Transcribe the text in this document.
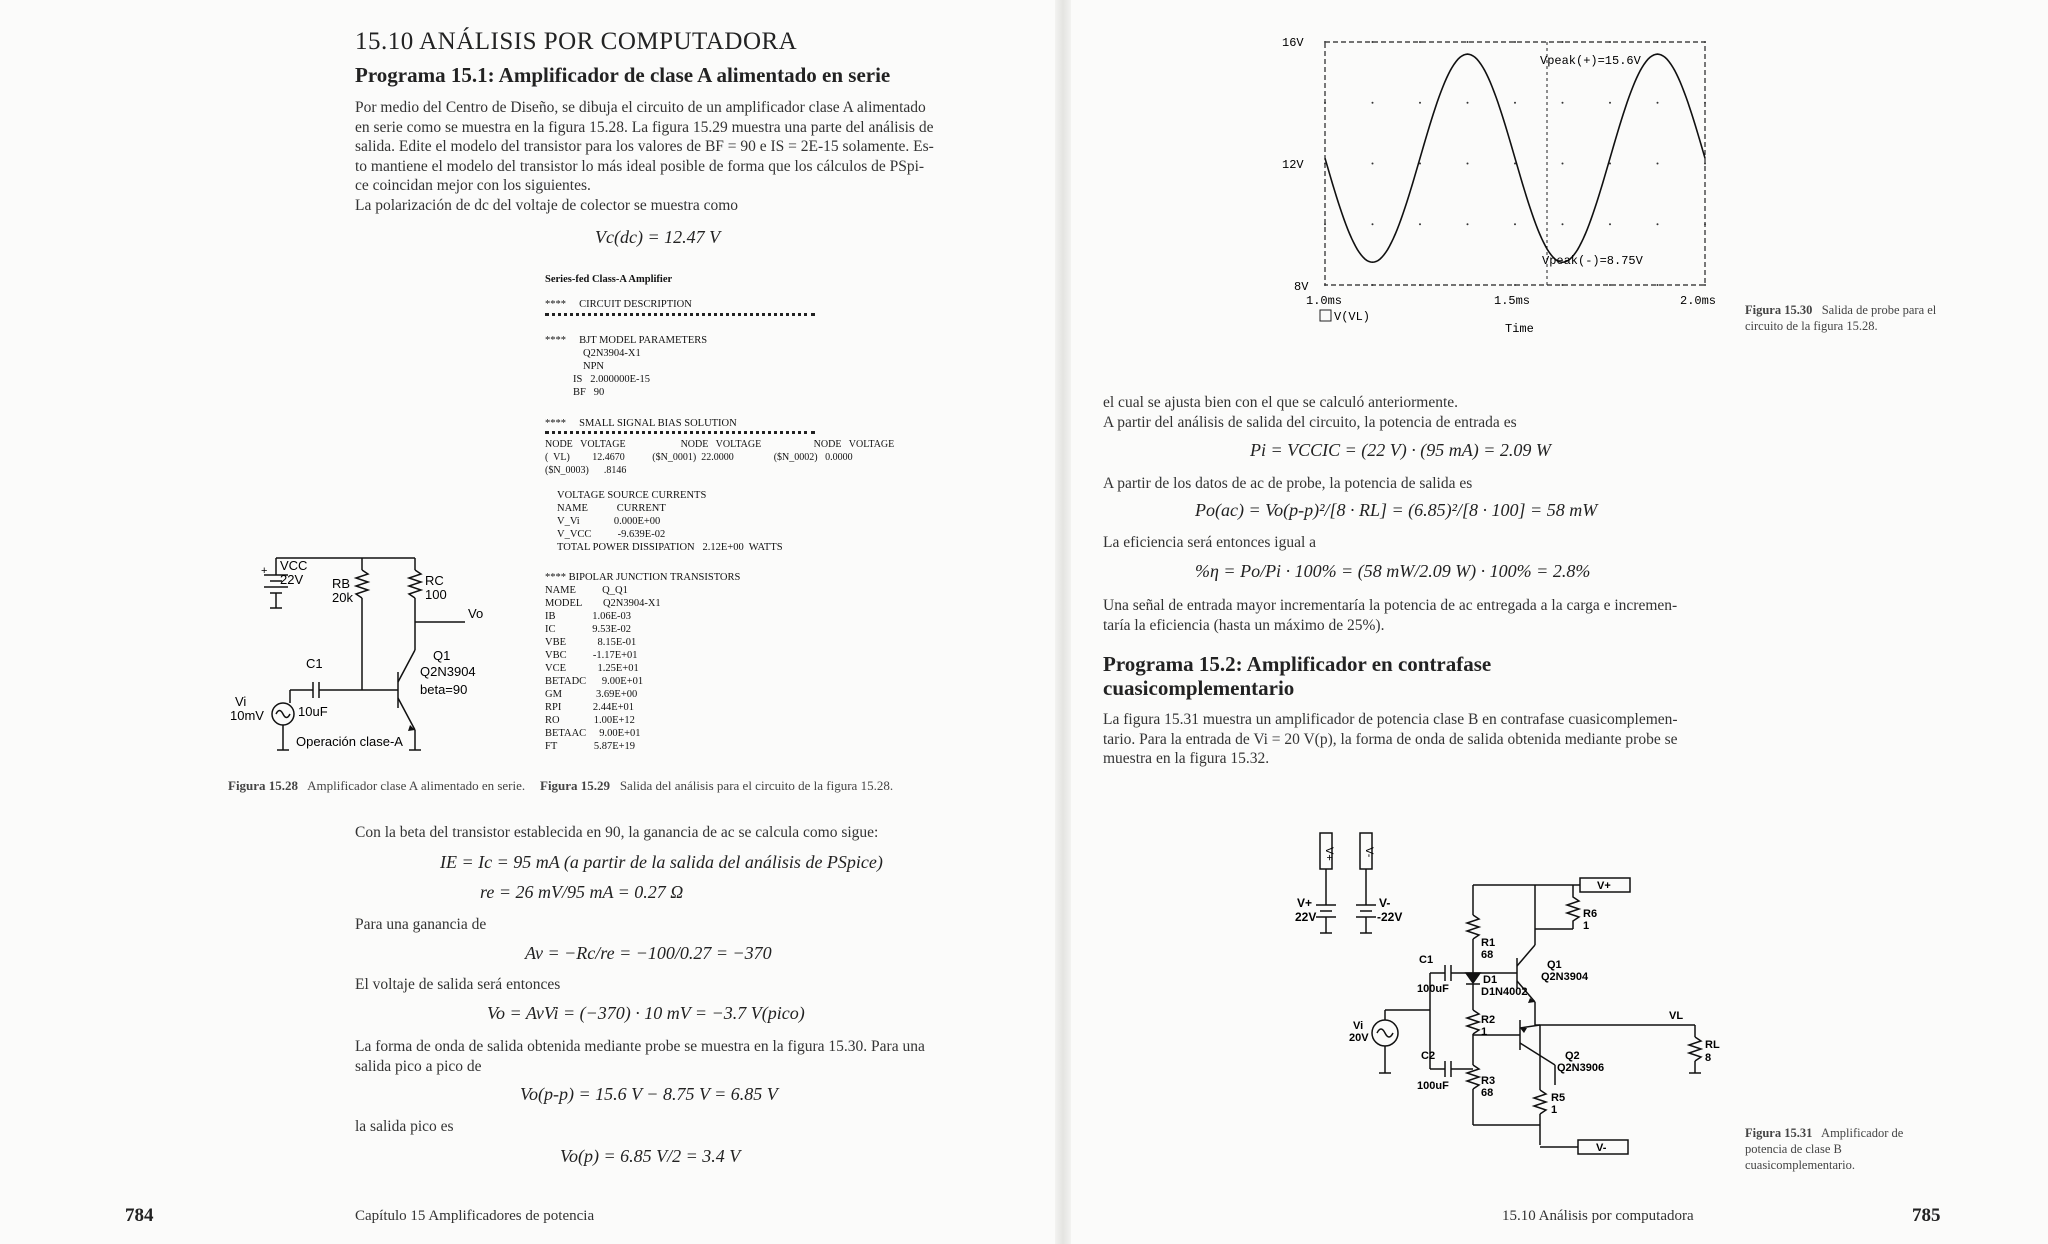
15.10 ANÁLISIS POR COMPUTADORA
Programa 15.1: Amplificador de clase A alimentado en serie
Por medio del Centro de Diseño, se dibuja el circuito de un amplificador clase A alimentado
en serie como se muestra en la figura 15.28. La figura 15.29 muestra una parte del análisis de
salida. Edite el modelo del transistor para los valores de BF = 90 e IS = 2E-15 solamente. Es-
to mantiene el modelo del transistor lo más ideal posible de forma que los cálculos de PSpi-
ce coincidan mejor con los siguientes.
La polarización de dc del voltaje de colector se muestra como
Vc(dc) = 12.47 V
Series-fed Class-A Amplifier
****     CIRCUIT DESCRIPTION
****     BJT MODEL PARAMETERS
Q2N3904-X1
NPN
IS   2.000000E-15
BF   90
****     SMALL SIGNAL BIAS SOLUTION
NODE   VOLTAGE                      NODE   VOLTAGE                     NODE   VOLTAGE
(  VL)         12.4670           ($N_0001)  22.0000                ($N_0002)   0.0000
($N_0003)      .8146
VOLTAGE SOURCE CURRENTS
NAME           CURRENT
V_Vi             0.000E+00
V_VCC          -9.639E-02
TOTAL POWER DISSIPATION   2.12E+00  WATTS
**** BIPOLAR JUNCTION TRANSISTORS
NAME          Q_Q1
MODEL        Q2N3904-X1
IB              1.06E-03
IC              9.53E-02
VBE            8.15E-01
VBC          -1.17E+01
VCE            1.25E+01
BETADC      9.00E+01
GM             3.69E+00
RPI            2.44E+01
RO             1.00E+12
BETAAC     9.00E+01
FT              5.87E+19
+ VCC
22V RB
20k
RC
100
Vo
C1
10uF
Q1
Q2N3904
beta=90
Vi
10mV
Operación clase-A
Figura 15.28 Amplificador clase A alimentado en serie. Figura 15.29 Salida del análisis para el circuito de la figura 15.28.
Con la beta del transistor establecida en 90, la ganancia de ac se calcula como sigue:
IE = Ic = 95 mA (a partir de la salida del análisis de PSpice)
re = 26 mV/95 mA = 0.27 Ω
Para una ganancia de
Av = −Rc/re = −100/0.27 = −370
El voltaje de salida será entonces
Vo = AvVi = (−370) · 10 mV = −3.7 V(pico)
La forma de onda de salida obtenida mediante probe se muestra en la figura 15.30. Para una
salida pico a pico de
Vo(p-p) = 15.6 V − 8.75 V = 6.85 V
la salida pico es
Vo(p) = 6.85 V/2 = 3.4 V
784	Capítulo 15 Amplificadores de potencia
16V
12V
8V
1.0ms	1.5ms	2.0ms
V(VL)
Time
Vpeak(+)=15.6V
Vpeak(-)=8.75V
Figura 15.30 Salida de probe para el circuito de la figura 15.28.
el cual se ajusta bien con el que se calculó anteriormente.
A partir del análisis de salida del circuito, la potencia de entrada es
Pi = VCCIC = (22 V) · (95 mA) = 2.09 W
A partir de los datos de ac de probe, la potencia de salida es
Po(ac) = Vo(p-p)²/[8 · RL] = (6.85)²/[8 · 100] = 58 mW
La eficiencia será entonces igual a
%η = Po/Pi · 100% = (58 mW/2.09 W) · 100% = 2.8%
Una señal de entrada mayor incrementaría la potencia de ac entregada a la carga e incremen-
taría la eficiencia (hasta un máximo de 25%).
Programa 15.2: Amplificador en contrafase
cuasicomplementario
La figura 15.31 muestra un amplificador de potencia clase B en contrafase cuasicomplemen-
tario. Para la entrada de Vi = 20 V(p), la forma de onda de salida obtenida mediante probe se
muestra en la figura 15.32.
V+	V-
V+
22V
V-
-22V
V+
V-
R6
1
R1
68
C1
100uF
D1
D1N4002
Q1
Q2N3904
VL
RL
8
R2
1
Vi
20V
C2
100uF
Q2
Q2N3906
R3
68	R5
1
Figura 15.31 Amplificador de potencia de clase B cuasicomplementario.
15.10 Análisis por computadora	785
